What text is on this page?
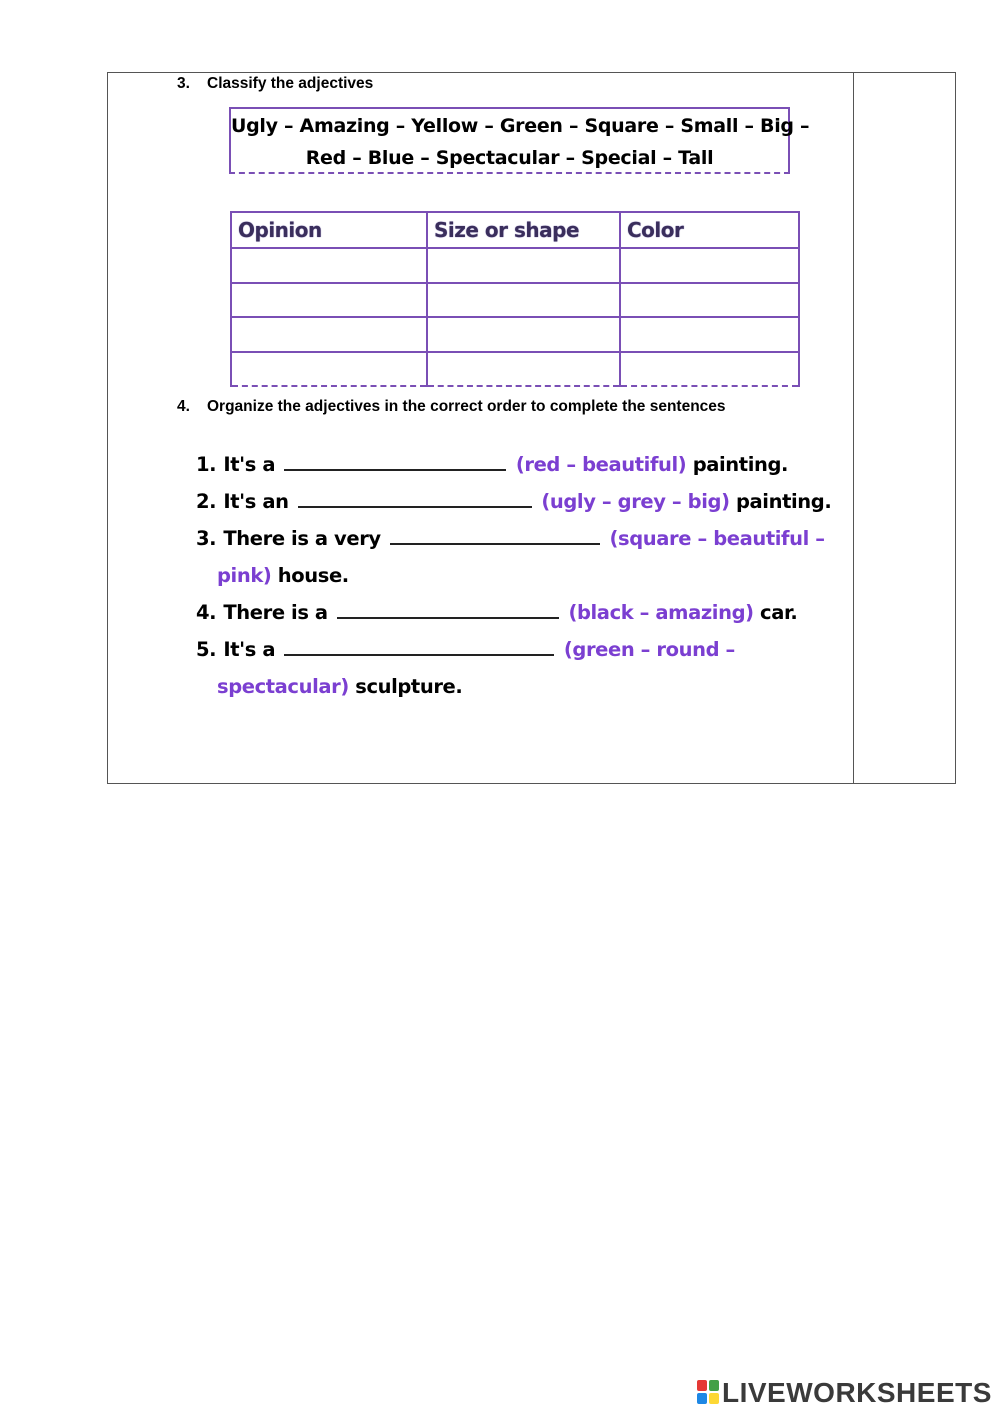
3. Classify the adjectives
Ugly – Amazing – Yellow – Green – Square – Small – Big –
Red – Blue – Spectacular – Special – Tall
Opinion	Size or shape	Color

4. Organize the adjectives in the correct order to complete the sentences
1. It's a	(red – beautiful) painting.
2. It's an	(ugly – grey – big) painting.
3. There is a very	(square – beautiful –
pink) house.
4. There is a	(black – amazing) car.
5. It's a	(green – round –
spectacular) sculpture.
LIVEWORKSHEETS
